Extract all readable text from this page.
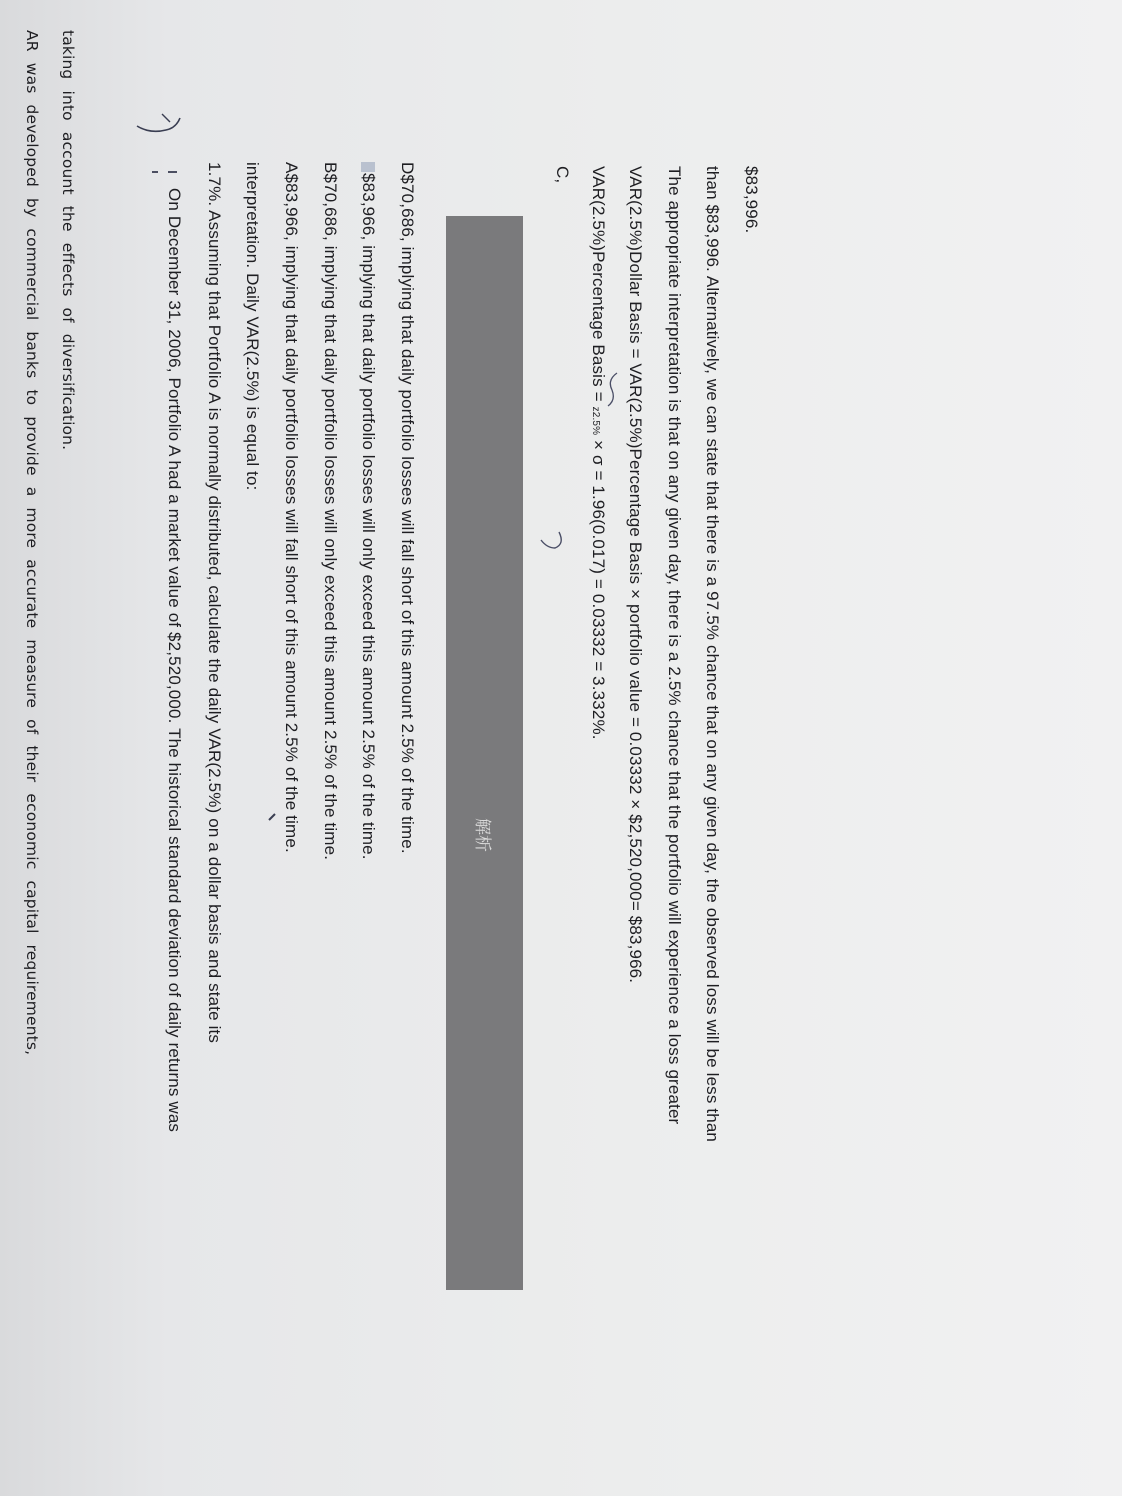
AR was developed by commercial banks to provide a more accurate measure of their economic capital requirements, taking into account the effects of diversification.	On December 31, 2006, Portfolio A had a market value of $2,520,000. The historical standard deviation of daily returns was 1.7%. Assuming that Portfolio A is normally distributed, calculate the daily VAR(2.5%) on a dollar basis and state its interpretation. Daily VAR(2.5%) is equal to: A$83,966, implying that daily portfolio losses will fall short of this amount 2.5% of the time. B$70,686, implying that daily portfolio losses will only exceed this amount 2.5% of the time. $83,966, implying that daily portfolio losses will only exceed this amount 2.5% of the time. D$70,686, implying that daily portfolio losses will fall short of this amount 2.5% of the time.	解析
C, VAR(2.5%)Percentage Basis = z2.5% × σ = 1.96(0.017) = 0.03332 = 3.332%. VAR(2.5%)Dollar Basis = VAR(2.5%)Percentage Basis × portfolio value = 0.03332 × $2,520,000= $83,966. The appropriate interpretation is that on any given day, there is a 2.5% chance that the portfolio will experience a loss greater than $83,996. Alternatively, we can state that there is a 97.5% chance that on any given day, the observed loss will be less than $83,996.
